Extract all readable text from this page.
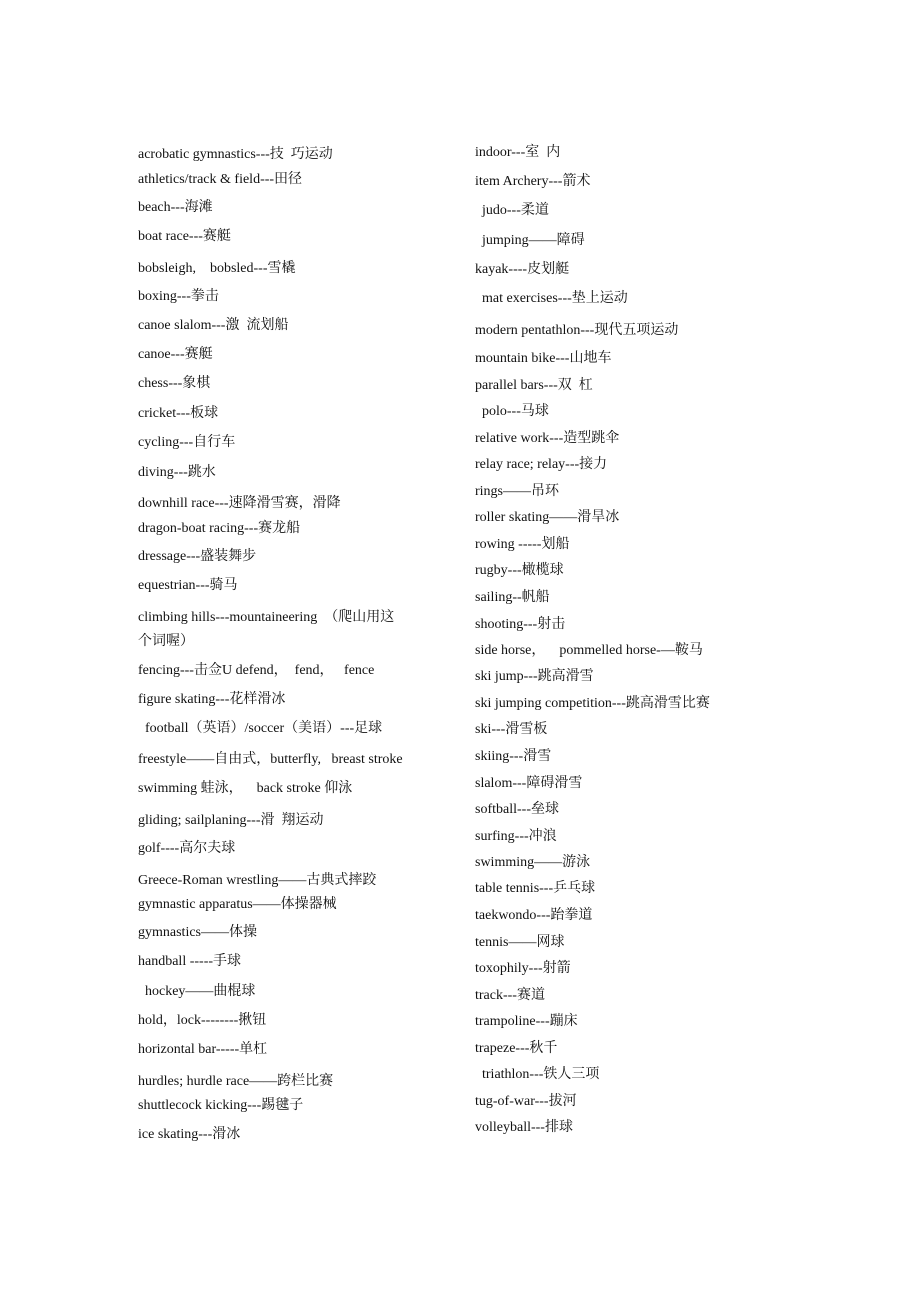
acrobatic gymnastics---技  巧运动
athletics/track & field---田径
beach---海滩
boat race---赛艇
bobsleigh,    bobsled---雪橇
boxing---拳击
canoe slalom---激  流划船
canoe---赛艇
chess---象棋
cricket---板球
cycling---自行车
diving---跳水
downhill race---速降滑雪赛，滑降
dragon-boat racing---赛龙船
dressage---盛装舞步
equestrian---骑马
climbing hills---mountaineering  （爬山用这
个词喔）
fencing---击佥U defend，  fend，   fence
figure skating---花样滑冰
football（英语）/soccer（美语）---足球
freestyle——自由式，butterfly,   breast stroke
swimming 蛙泳，    back stroke 仰泳
gliding; sailplaning---滑  翔运动
golf----高尔夫球
Greece-Roman wrestling——古典式摔跤
gymnastic apparatus——体操器械
gymnastics——体操
handball -----手球
hockey——曲棍球
hold，lock--------揪钮
horizontal bar-----单杠
hurdles; hurdle race——跨栏比赛
shuttlecock kicking---踢毽子
ice skating---滑冰
indoor---室  内
item Archery---箭术
judo---柔道
jumping——障碍
kayak----皮划艇
mat exercises---垫上运动
modern pentathlon---现代五项运动
mountain bike---山地车
parallel bars---双  杠
polo---马球
relative work---造型跳伞
relay race; relay---接力
rings——吊环
roller skating——滑旱冰
rowing -----划船
rugby---橄榄球
sailing--帆船
shooting---射击
side horse，    pommelled horse-—鞍马
ski jump---跳高滑雪
ski jumping competition---跳高滑雪比赛
ski---滑雪板
skiing---滑雪
slalom---障碍滑雪
softball---垒球
surfing---冲浪
swimming——游泳
table tennis---乒乓球
taekwondo---跆拳道
tennis——网球
toxophily---射箭
track---赛道
trampoline---蹦床
trapeze---秋千
triathlon---铁人三项
tug-of-war---拔河
volleyball---排球
